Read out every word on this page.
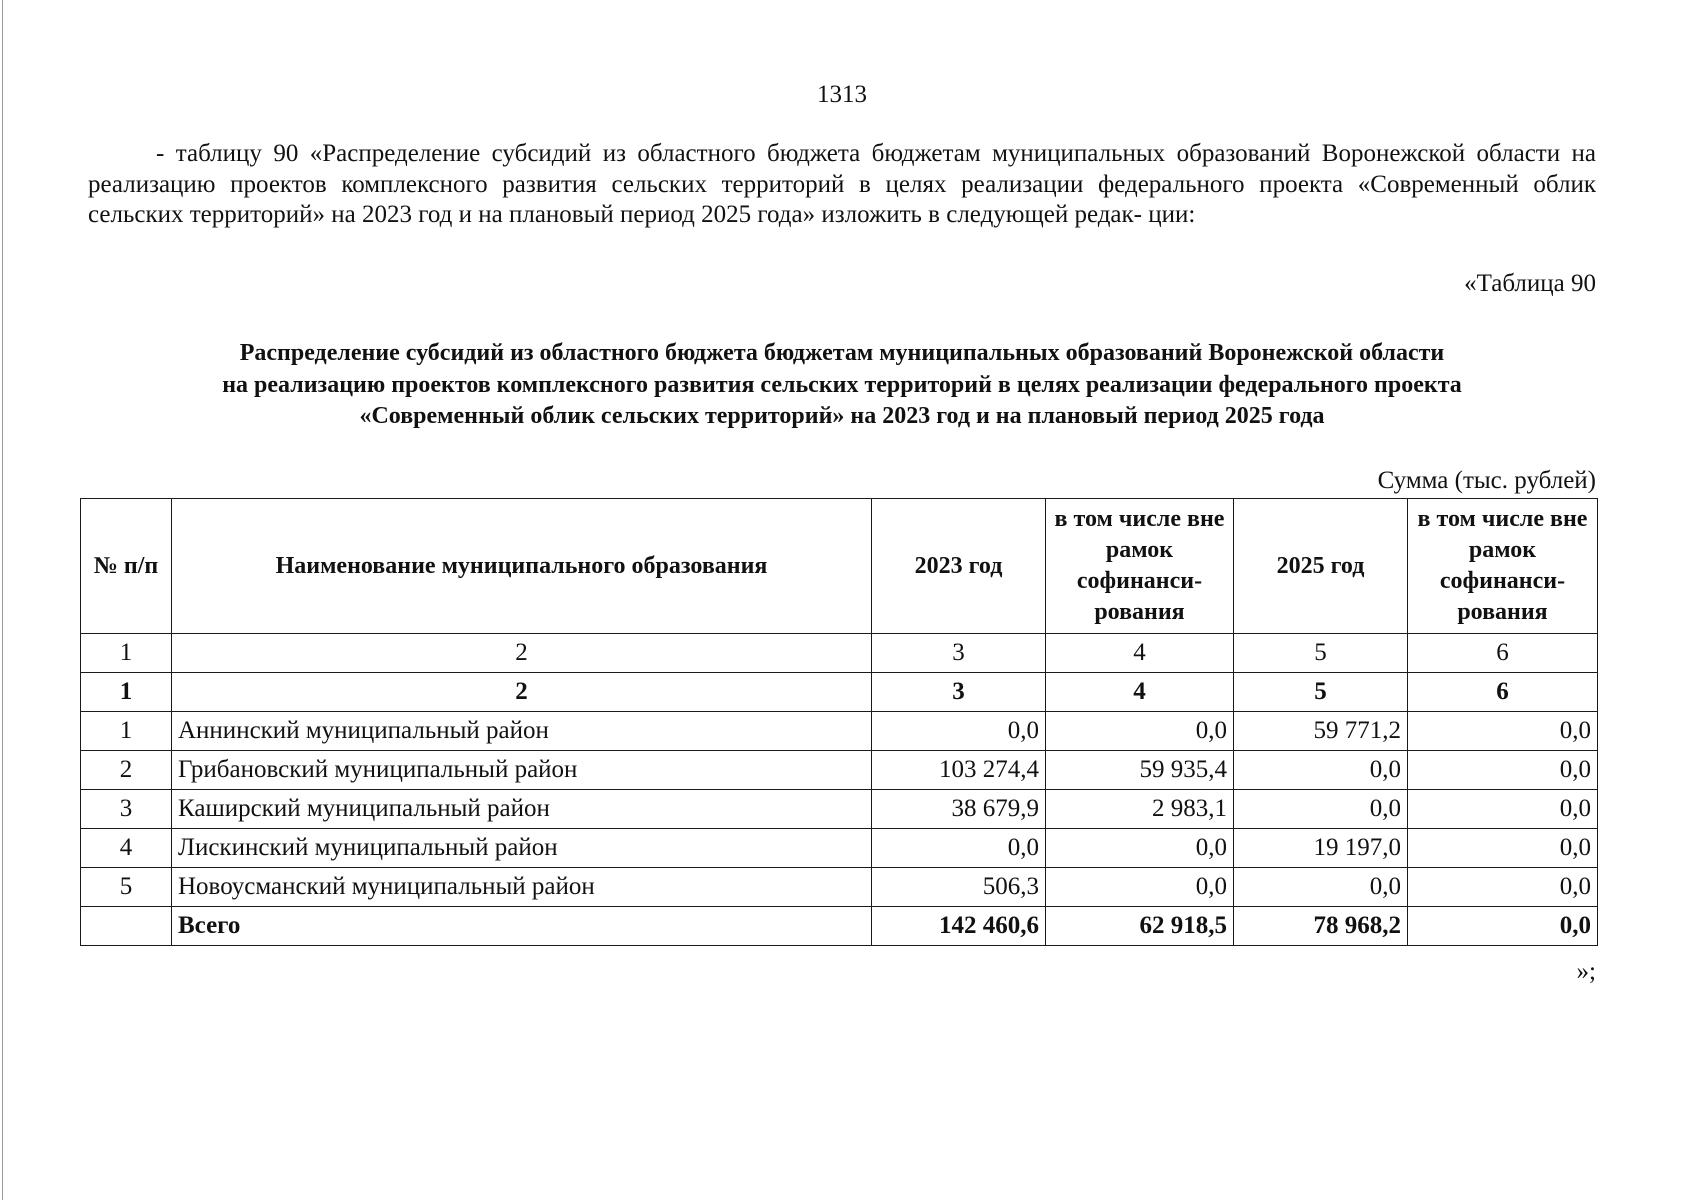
1313

- таблицу 90 «Распределение субсидий из областного бюджета бюджетам муниципальных образований Воронежской области на реализацию проектов комплексного развития сельских территорий в целях реализации федерального проекта «Современный облик сельских территорий» на 2023 год и на плановый период 2025 года» изложить в следующей редак- ции:

«Таблица 90
Распределение субсидий из областного бюджета бюджетам муниципальных образований Воронежской области
на реализацию проектов комплексного развития сельских территорий в целях реализации федерального проекта
«Современный облик сельских территорий» на 2023 год и на плановый период 2025 года
Сумма (тыс. рублей)
№ п/п	Наименование муниципального образования	2023 год	в том числе вне рамок софинанси- рования	2025 год	в том числе вне рамок софинанси- рования
1	2	3	4	5	6
1	2	3	4	5	6
1	Аннинский муниципальный район	0,0	0,0	59 771,2	0,0
2	Грибановский муниципальный район	103 274,4	59 935,4	0,0	0,0
3	Каширский муниципальный район	38 679,9	2 983,1	0,0	0,0
4	Лискинский муниципальный район	0,0	0,0	19 197,0	0,0
5	Новоусманский муниципальный район	506,3	0,0	0,0	0,0
	Всего	142 460,6	62 918,5	78 968,2	0,0
»;
